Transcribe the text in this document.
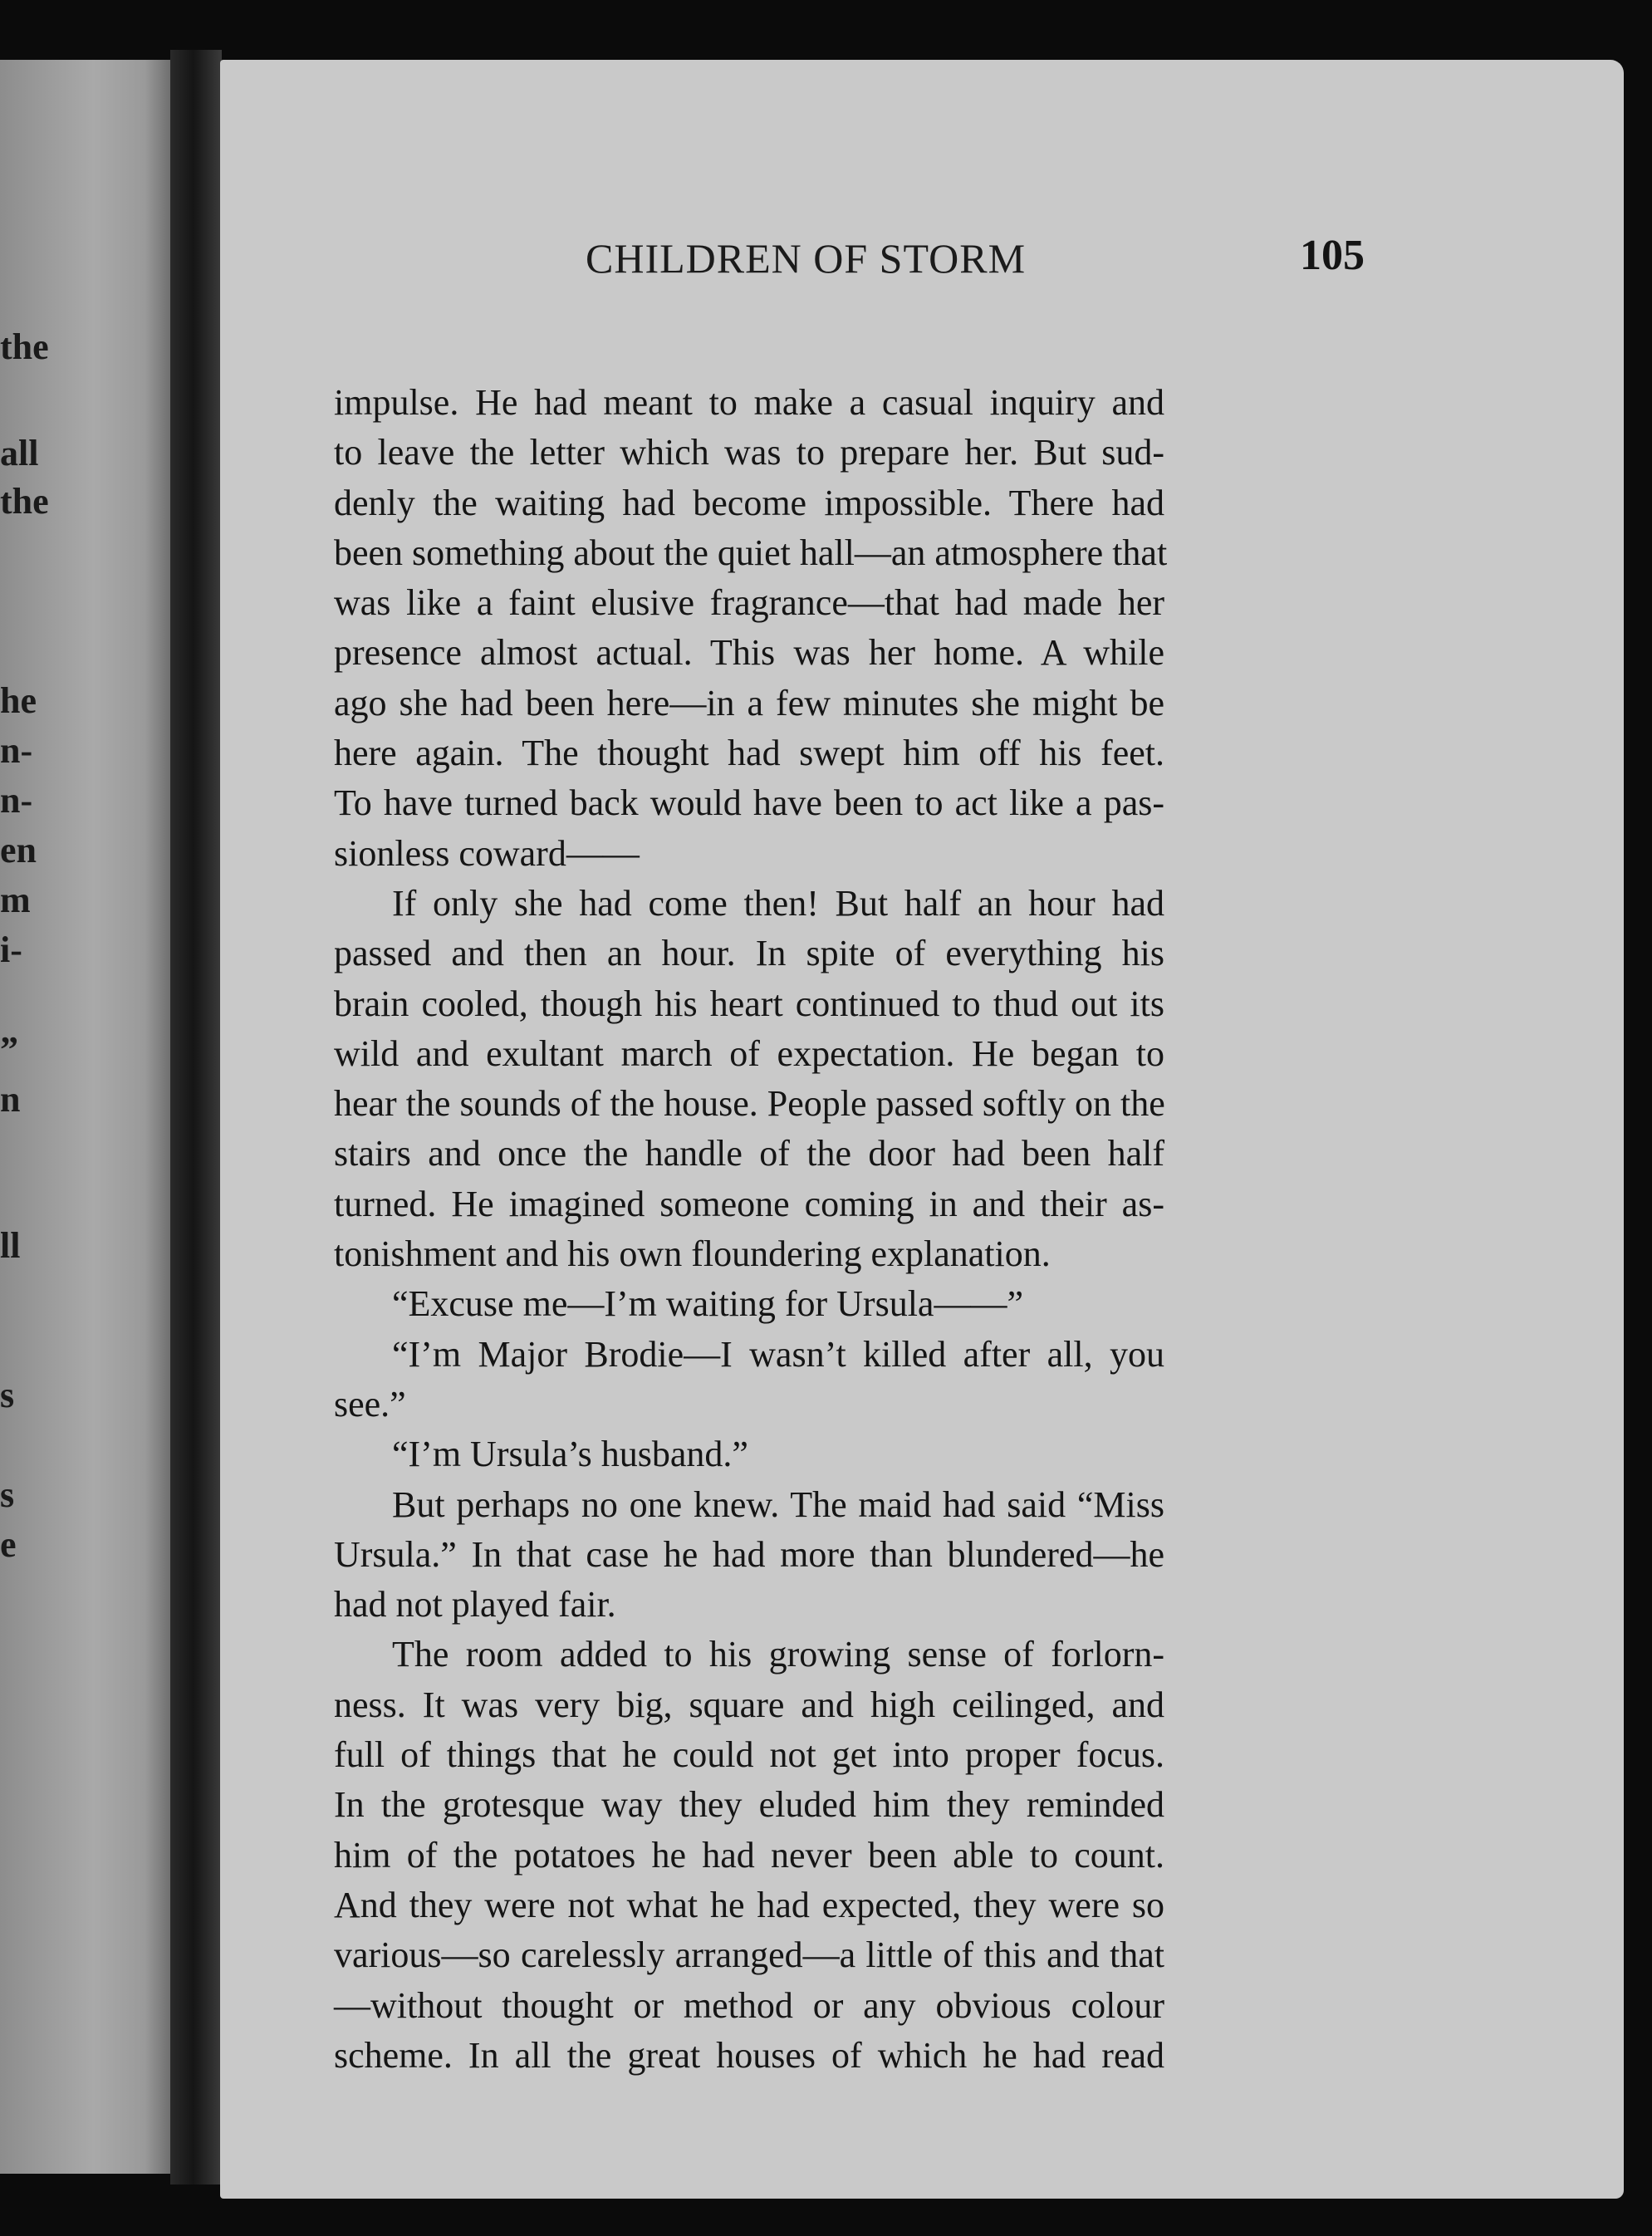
the
all
the
he
n-
n-
en
m
i-
”
n
ll
s
s
e
CHILDREN OF STORM	105
impulse. He had meant to make a casual inquiry and
to leave the letter which was to prepare her. But sud-
denly the waiting had become impossible. There had
been something about the quiet hall—an atmosphere that
was like a faint elusive fragrance—that had made her
presence almost actual. This was her home. A while
ago she had been here—in a few minutes she might be
here again. The thought had swept him off his feet.
To have turned back would have been to act like a pas-
sionless coward——
If only she had come then! But half an hour had
passed and then an hour. In spite of everything his
brain cooled, though his heart continued to thud out its
wild and exultant march of expectation. He began to
hear the sounds of the house. People passed softly on the
stairs and once the handle of the door had been half
turned. He imagined someone coming in and their as-
tonishment and his own floundering explanation.
“Excuse me—I’m waiting for Ursula——”
“I’m Major Brodie—I wasn’t killed after all, you
see.”
“I’m Ursula’s husband.”
But perhaps no one knew. The maid had said “Miss
Ursula.” In that case he had more than blundered—he
had not played fair.
The room added to his growing sense of forlorn-
ness. It was very big, square and high ceilinged, and
full of things that he could not get into proper focus.
In the grotesque way they eluded him they reminded
him of the potatoes he had never been able to count.
And they were not what he had expected, they were so
various—so carelessly arranged—a little of this and that
—without thought or method or any obvious colour
scheme. In all the great houses of which he had read
